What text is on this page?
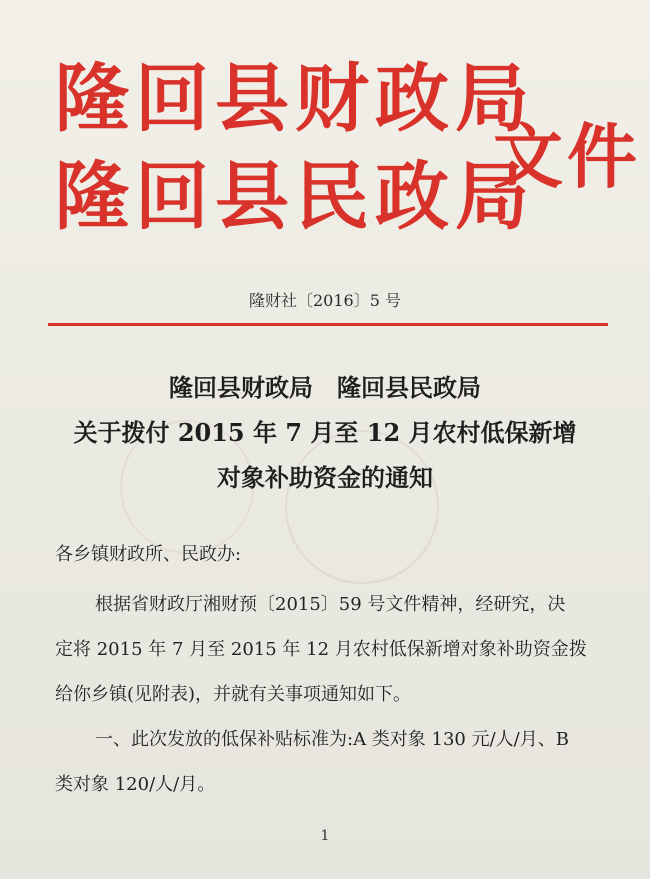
隆回县财政局
隆回县民政局
文件
隆财社〔2016〕5 号
隆回县财政局　隆回县民政局
关于拨付 2015 年 7 月至 12 月农村低保新增
对象补助资金的通知
各乡镇财政所、民政办:
根据省财政厅湘财预〔2015〕59 号文件精神，经研究，决
定将 2015 年 7 月至 2015 年 12 月农村低保新增对象补助资金拨
给你乡镇(见附表)，并就有关事项通知如下。
一、此次发放的低保补贴标准为:A 类对象 130 元/人/月、B
类对象 120/人/月。
1
